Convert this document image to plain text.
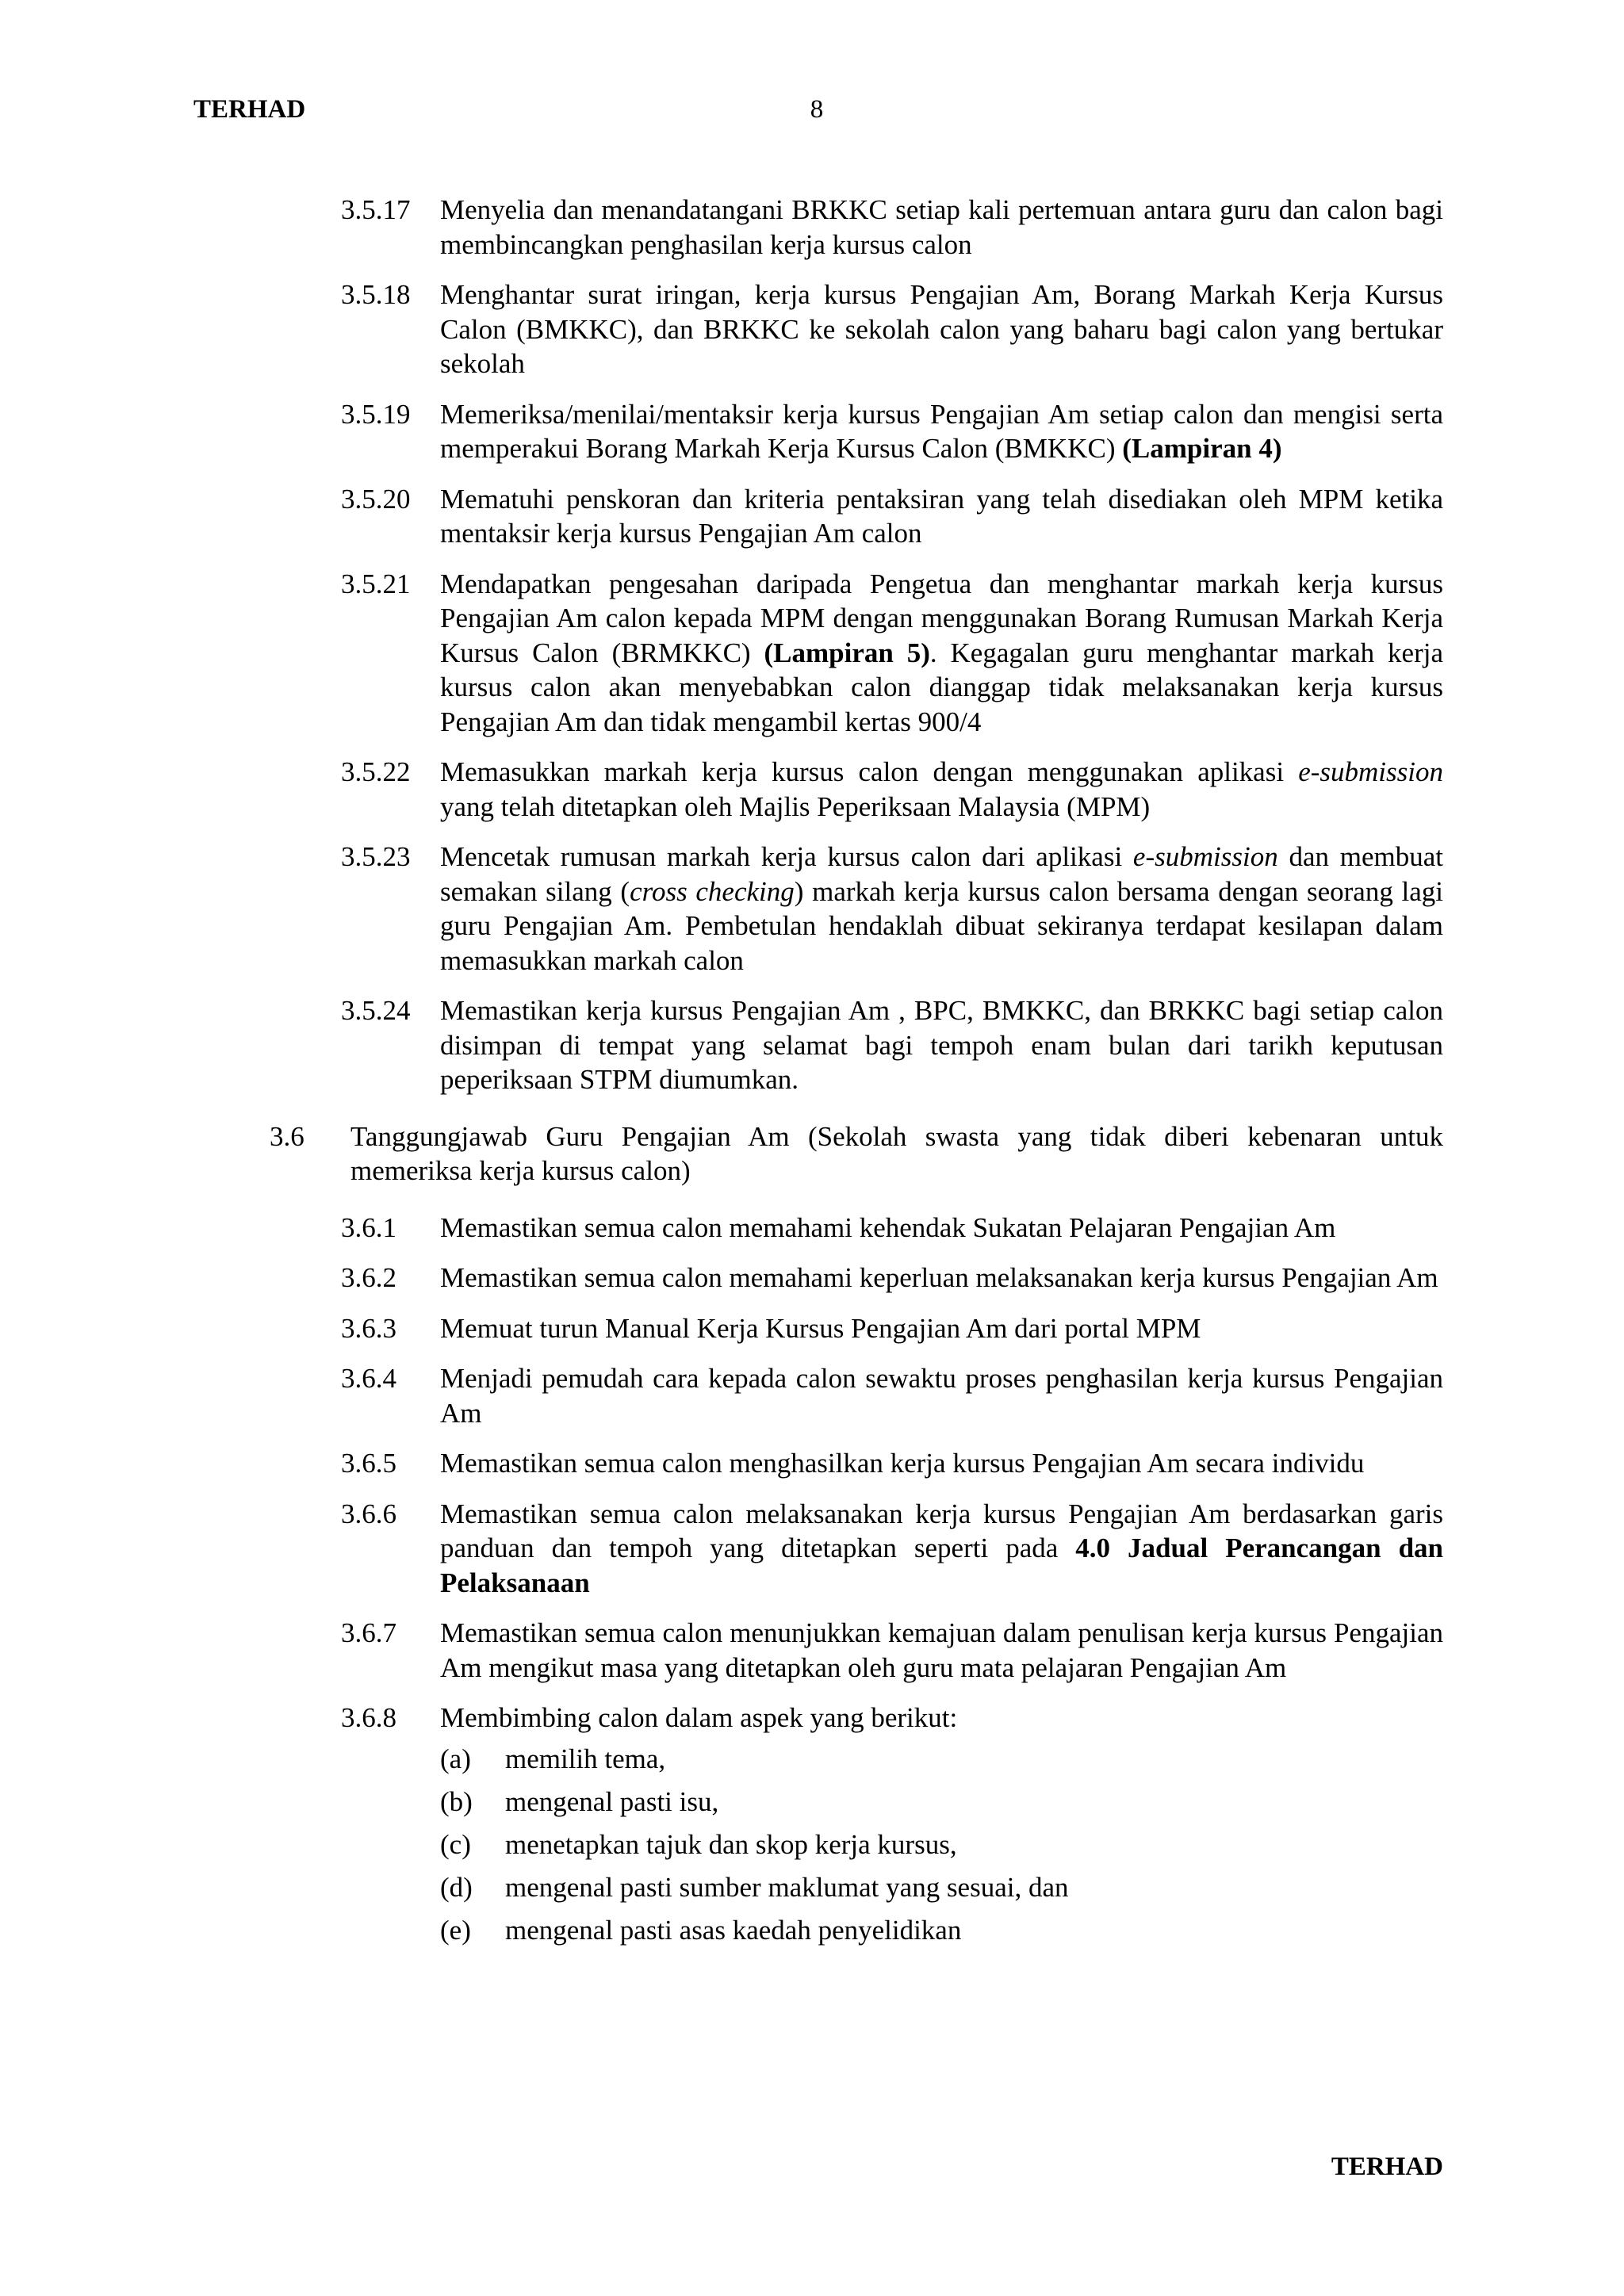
TERHAD	8
3.5.17 Menyelia dan menandatangani BRKKC setiap kali pertemuan antara guru dan calon bagi membincangkan penghasilan kerja kursus calon
3.5.18 Menghantar surat iringan, kerja kursus Pengajian Am, Borang Markah Kerja Kursus Calon (BMKKC), dan BRKKC ke sekolah calon yang baharu bagi calon yang bertukar sekolah
3.5.19 Memeriksa/menilai/mentaksir kerja kursus Pengajian Am setiap calon dan mengisi serta memperakui Borang Markah Kerja Kursus Calon (BMKKC) (Lampiran 4)
3.5.20 Mematuhi penskoran dan kriteria pentaksiran yang telah disediakan oleh MPM ketika mentaksir kerja kursus Pengajian Am calon
3.5.21 Mendapatkan pengesahan daripada Pengetua dan menghantar markah kerja kursus Pengajian Am calon kepada MPM dengan menggunakan Borang Rumusan Markah Kerja Kursus Calon (BRMKKC) (Lampiran 5). Kegagalan guru menghantar markah kerja kursus calon akan menyebabkan calon dianggap tidak melaksanakan kerja kursus Pengajian Am dan tidak mengambil kertas 900/4
3.5.22 Memasukkan markah kerja kursus calon dengan menggunakan aplikasi e-submission yang telah ditetapkan oleh Majlis Peperiksaan Malaysia (MPM)
3.5.23 Mencetak rumusan markah kerja kursus calon dari aplikasi e-submission dan membuat semakan silang (cross checking) markah kerja kursus calon bersama dengan seorang lagi guru Pengajian Am. Pembetulan hendaklah dibuat sekiranya terdapat kesilapan dalam memasukkan markah calon
3.5.24 Memastikan kerja kursus Pengajian Am , BPC, BMKKC, dan BRKKC bagi setiap calon disimpan di tempat yang selamat bagi tempoh enam bulan dari tarikh keputusan peperiksaan STPM diumumkan.
3.6 Tanggungjawab Guru Pengajian Am (Sekolah swasta yang tidak diberi kebenaran untuk memeriksa kerja kursus calon)
3.6.1 Memastikan semua calon memahami kehendak Sukatan Pelajaran Pengajian Am
3.6.2 Memastikan semua calon memahami keperluan melaksanakan kerja kursus Pengajian Am
3.6.3 Memuat turun Manual Kerja Kursus Pengajian Am dari portal MPM
3.6.4 Menjadi pemudah cara kepada calon sewaktu proses penghasilan kerja kursus Pengajian Am
3.6.5 Memastikan semua calon menghasilkan kerja kursus Pengajian Am secara individu
3.6.6 Memastikan semua calon melaksanakan kerja kursus Pengajian Am berdasarkan garis panduan dan tempoh yang ditetapkan seperti pada 4.0 Jadual Perancangan dan Pelaksanaan
3.6.7 Memastikan semua calon menunjukkan kemajuan dalam penulisan kerja kursus Pengajian Am mengikut masa yang ditetapkan oleh guru mata pelajaran Pengajian Am
3.6.8 Membimbing calon dalam aspek yang berikut:
(a) memilih tema,
(b) mengenal pasti isu,
(c) menetapkan tajuk dan skop kerja kursus,
(d) mengenal pasti sumber maklumat yang sesuai, dan
(e) mengenal pasti asas kaedah penyelidikan
TERHAD
